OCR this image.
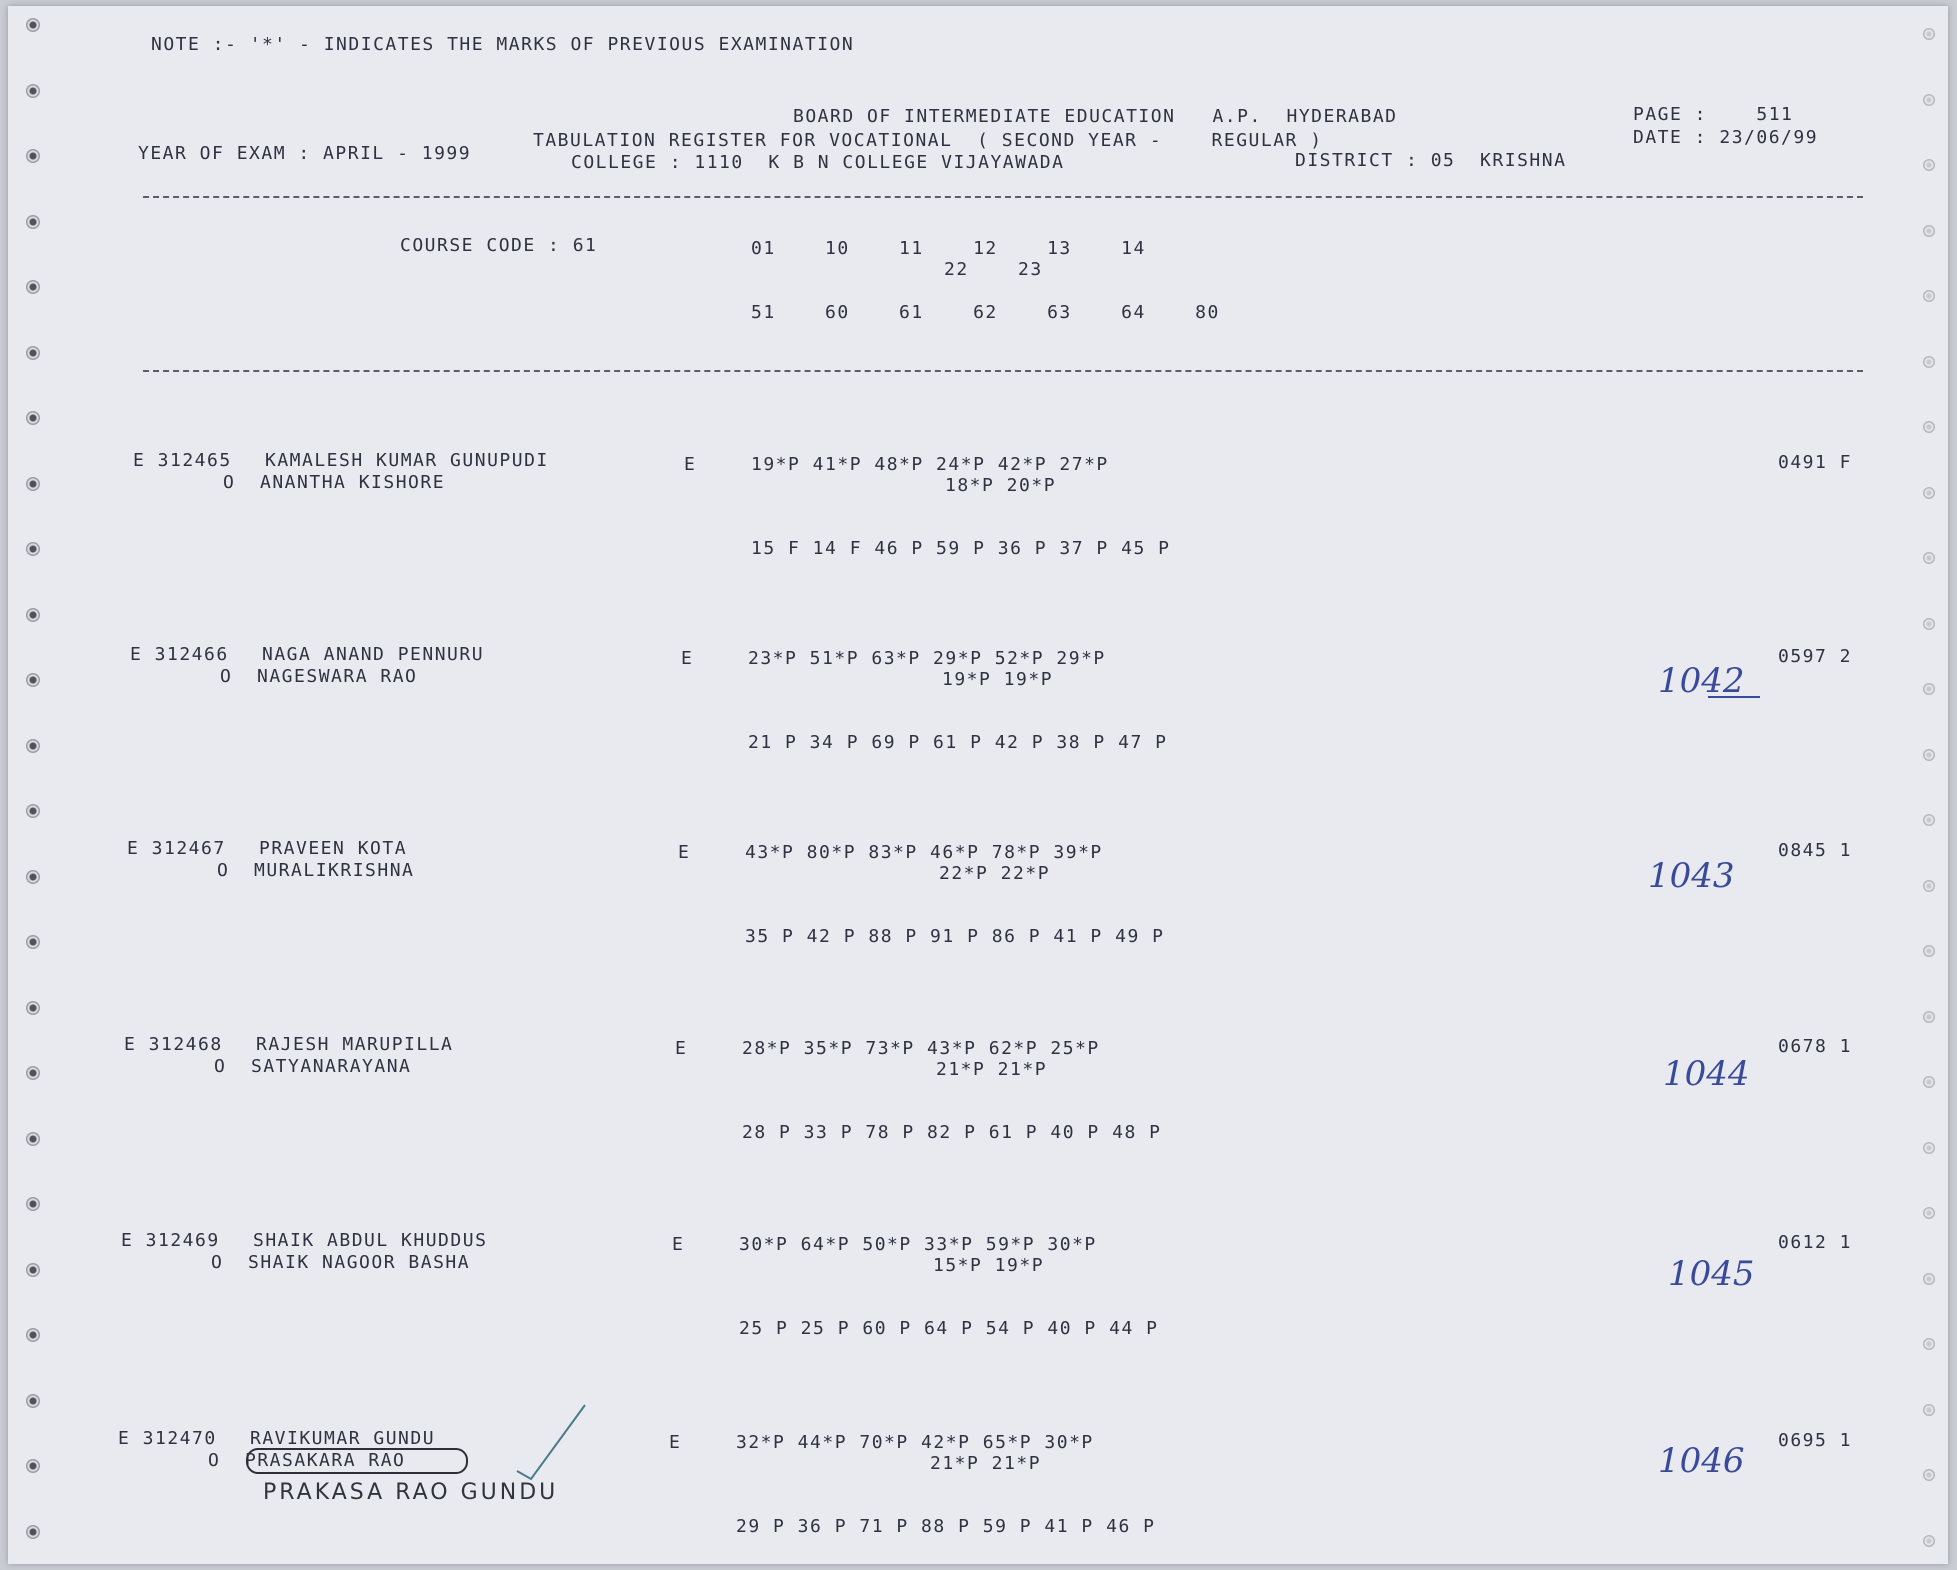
NOTE :- '*' - INDICATES THE MARKS OF PREVIOUS EXAMINATION
BOARD OF INTERMEDIATE EDUCATION   A.P.  HYDERABAD
TABULATION REGISTER FOR VOCATIONAL  ( SECOND YEAR -    REGULAR )
COLLEGE : 1110  K B N COLLEGE VIJAYAWADA	DISTRICT : 05  KRISHNA
YEAR OF EXAM : APRIL - 1999
PAGE :    511
DATE : 23/06/99
COURSE CODE : 61	01    10    11    12    13    14
22    23
51    60    61    62    63    64    80
E 312465 KAMALESH KUMAR GUNUPUDI
O  ANANTHA KISHORE
E	19*P 41*P 48*P 24*P 42*P 27*P
18*P 20*P
15 F 14 F 46 P 59 P 36 P 37 P 45 P
0491 F
E 312466 NAGA ANAND PENNURU
O  NAGESWARA RAO
E	23*P 51*P 63*P 29*P 52*P 29*P
19*P 19*P
21 P 34 P 69 P 61 P 42 P 38 P 47 P
0597 2
1042
E 312467 PRAVEEN KOTA
O  MURALIKRISHNA
E	43*P 80*P 83*P 46*P 78*P 39*P
22*P 22*P
35 P 42 P 88 P 91 P 86 P 41 P 49 P
0845 1
1043
E 312468 RAJESH MARUPILLA
O  SATYANARAYANA
E	28*P 35*P 73*P 43*P 62*P 25*P
21*P 21*P
28 P 33 P 78 P 82 P 61 P 40 P 48 P
0678 1
1044
E 312469 SHAIK ABDUL KHUDDUS
O  SHAIK NAGOOR BASHA
E	30*P 64*P 50*P 33*P 59*P 30*P
15*P 19*P
25 P 25 P 60 P 64 P 54 P 40 P 44 P
0612 1
1045
E 312470 RAVIKUMAR GUNDU
O  PRASAKARA RAO
E	32*P 44*P 70*P 42*P 65*P 30*P
21*P 21*P
29 P 36 P 71 P 88 P 59 P 41 P 46 P
0695 1
1046
PRAKASA RAO GUNDU
